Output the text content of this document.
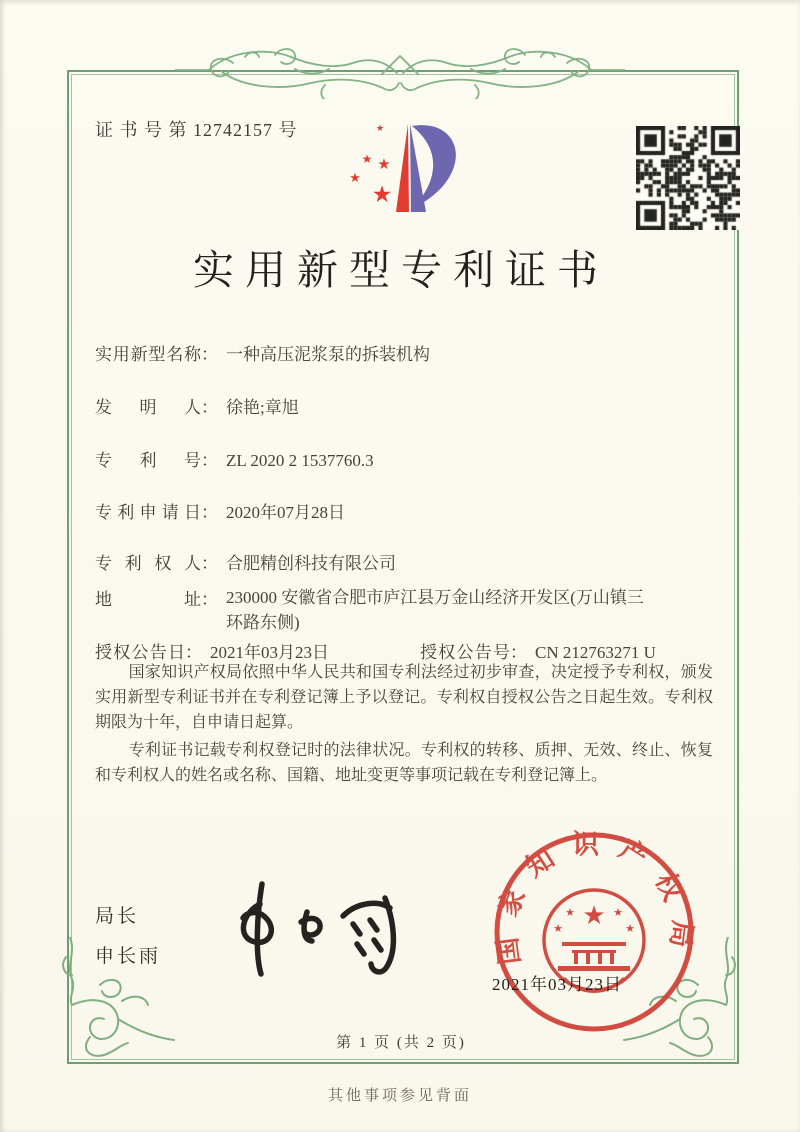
证 书 号 第 12742157 号	★
★
★
★
★
实用新型专利证书
实用新型名称： 一种高压泥浆泵的拆装机构
发明人： 徐艳;章旭
专利号： ZL 2020 2 1537760.3
专利申请日： 2020年07月28日
专利权人： 合肥精创科技有限公司
地址： 230000 安徽省合肥市庐江县万金山经济开发区(万山镇三
环路东侧)
授权公告日： 2021年03月23日	授权公告号： CN 212763271 U

国家知识产权局依照中华人民共和国专利法经过初步审查，决定授予专利权，颁发实用新型专利证书并在专利登记簿上予以登记。专利权自授权公告之日起生效。专利权期限为十年，自申请日起算。

专利证书记载专利权登记时的法律状况。专利权的转移、质押、无效、终止、恢复和专利权人的姓名或名称、国籍、地址变更等事项记载在专利登记簿上。

局长
申长雨	国家知识产权局
★
★	★
★	★
2021年03月23日
第 1 页 (共 2 页)
其他事项参见背面
